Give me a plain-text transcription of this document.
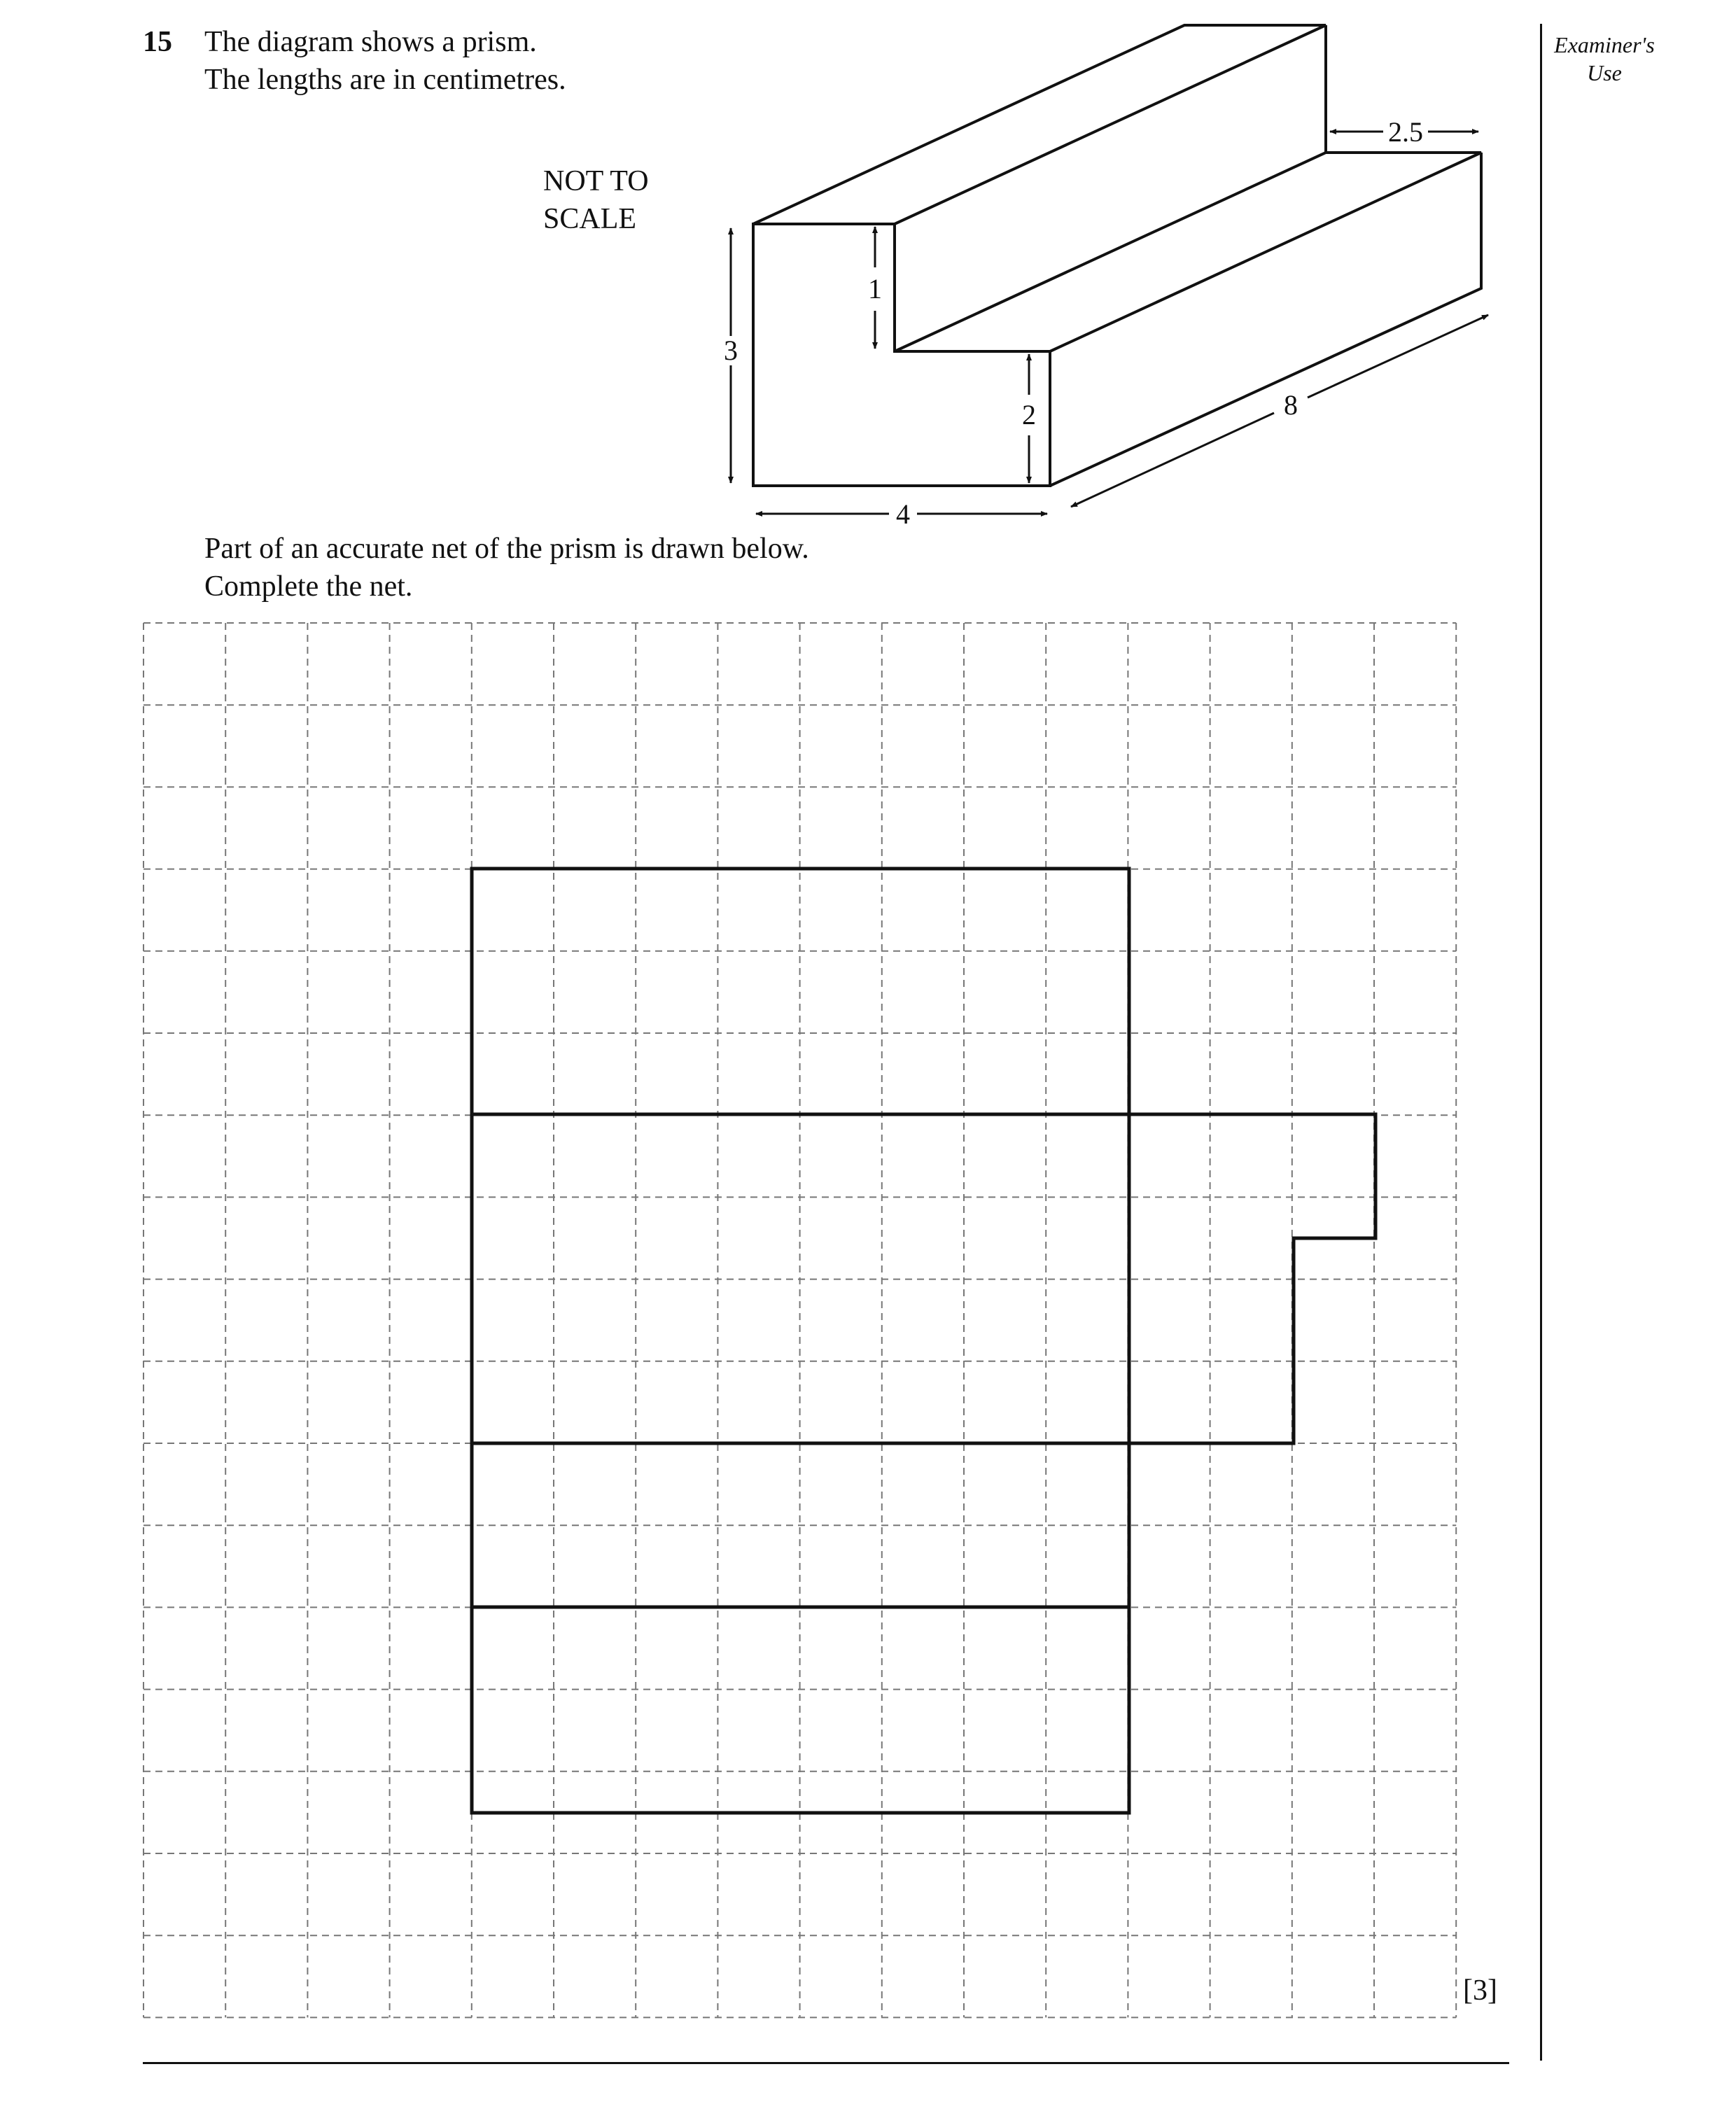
15 The diagram shows a prism.
The lengths are in centimetres.
NOT TO
SCALE
Examiner's
Use
Part of an accurate net of the prism is drawn below.
Complete the net.
3
1
2
4
8
2.5
[3]
